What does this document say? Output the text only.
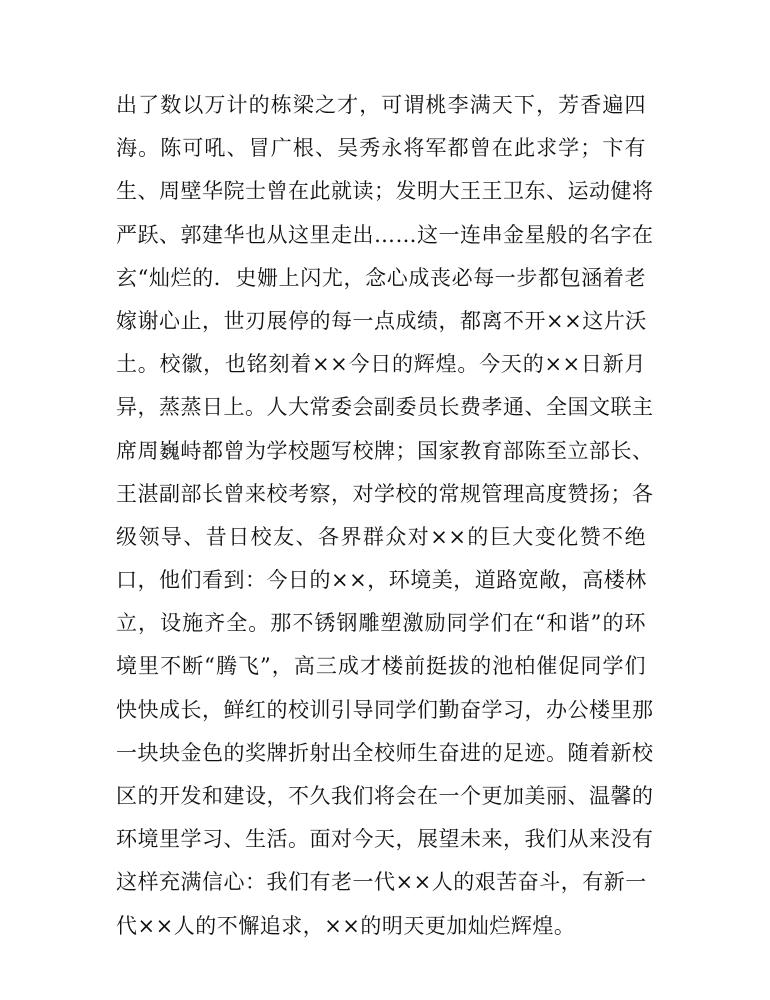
出了数以万计的栋梁之才，可谓桃李满天下，芳香遍四
海。陈可吼、冒广根、吴秀永将军都曾在此求学；卞有
生、周壁华院士曾在此就读；发明大王王卫东、运动健将
严跃、郭建华也从这里走出……这一连串金星般的名字在
玄“灿烂的．史姗上闪尤，念心成丧必每一步都包涵着老
嫁谢心止，世刃展停的每一点成绩，都离不开××这片沃
土。校徽，也铭刻着××今日的辉煌。今天的××日新月
异，蒸蒸日上。人大常委会副委员长费孝通、全国文联主
席周巍峙都曾为学校题写校牌；国家教育部陈至立部长、
王湛副部长曾来校考察，对学校的常规管理高度赞扬；各
级领导、昔日校友、各界群众对××的巨大变化赞不绝
口，他们看到：今日的××，环境美，道路宽敞，高楼林
立，设施齐全。那不锈钢雕塑激励同学们在“和谐”的环
境里不断“腾飞”，高三成才楼前挺拔的池柏催促同学们
快快成长，鲜红的校训引导同学们勤奋学习，办公楼里那
一块块金色的奖牌折射出全校师生奋进的足迹。随着新校
区的开发和建设，不久我们将会在一个更加美丽、温馨的
环境里学习、生活。面对今天，展望未来，我们从来没有
这样充满信心：我们有老一代××人的艰苦奋斗，有新一
代××人的不懈追求，××的明天更加灿烂辉煌。
